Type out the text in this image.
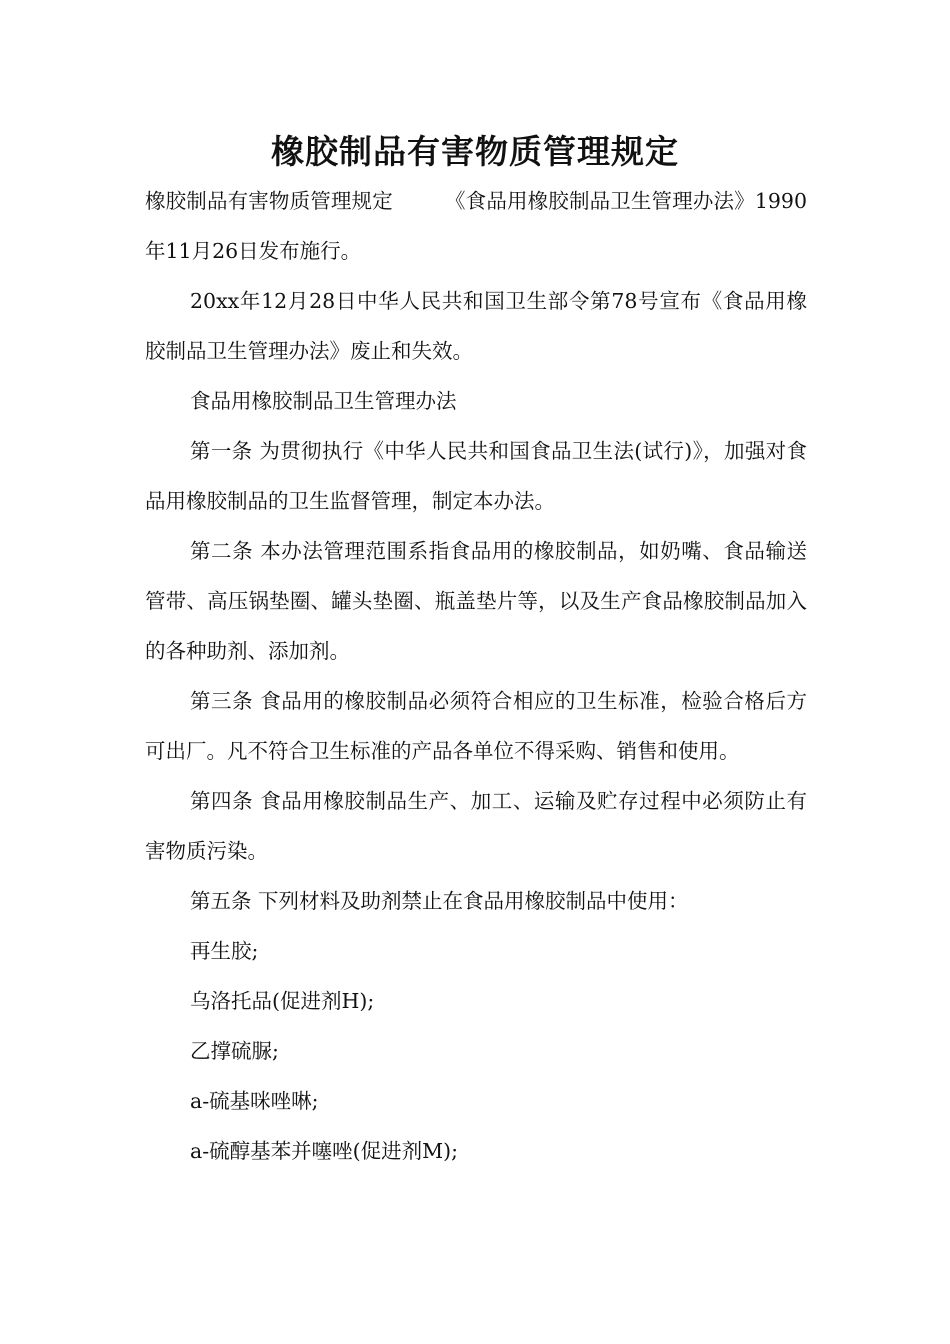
橡胶制品有害物质管理规定

橡胶制品有害物质管理规定	《食品用橡胶制品卫生管理办法》1990年11月26日发布施行。

20xx年12月28日中华人民共和国卫生部令第78号宣布《食品用橡胶制品卫生管理办法》废止和失效。

食品用橡胶制品卫生管理办法

第一条 为贯彻执行《中华人民共和国食品卫生法(试行)》，加强对食品用橡胶制品的卫生监督管理，制定本办法。

第二条 本办法管理范围系指食品用的橡胶制品，如奶嘴、食品输送管带、高压锅垫圈、罐头垫圈、瓶盖垫片等，以及生产食品橡胶制品加入的各种助剂、添加剂。

第三条 食品用的橡胶制品必须符合相应的卫生标准，检验合格后方可出厂。凡不符合卫生标准的产品各单位不得采购、销售和使用。

第四条 食品用橡胶制品生产、加工、运输及贮存过程中必须防止有害物质污染。

第五条 下列材料及助剂禁止在食品用橡胶制品中使用：

再生胶;

乌洛托品(促进剂H);

乙撑硫脲;

a-硫基咪唑啉;

a-硫醇基苯并噻唑(促进剂M);
